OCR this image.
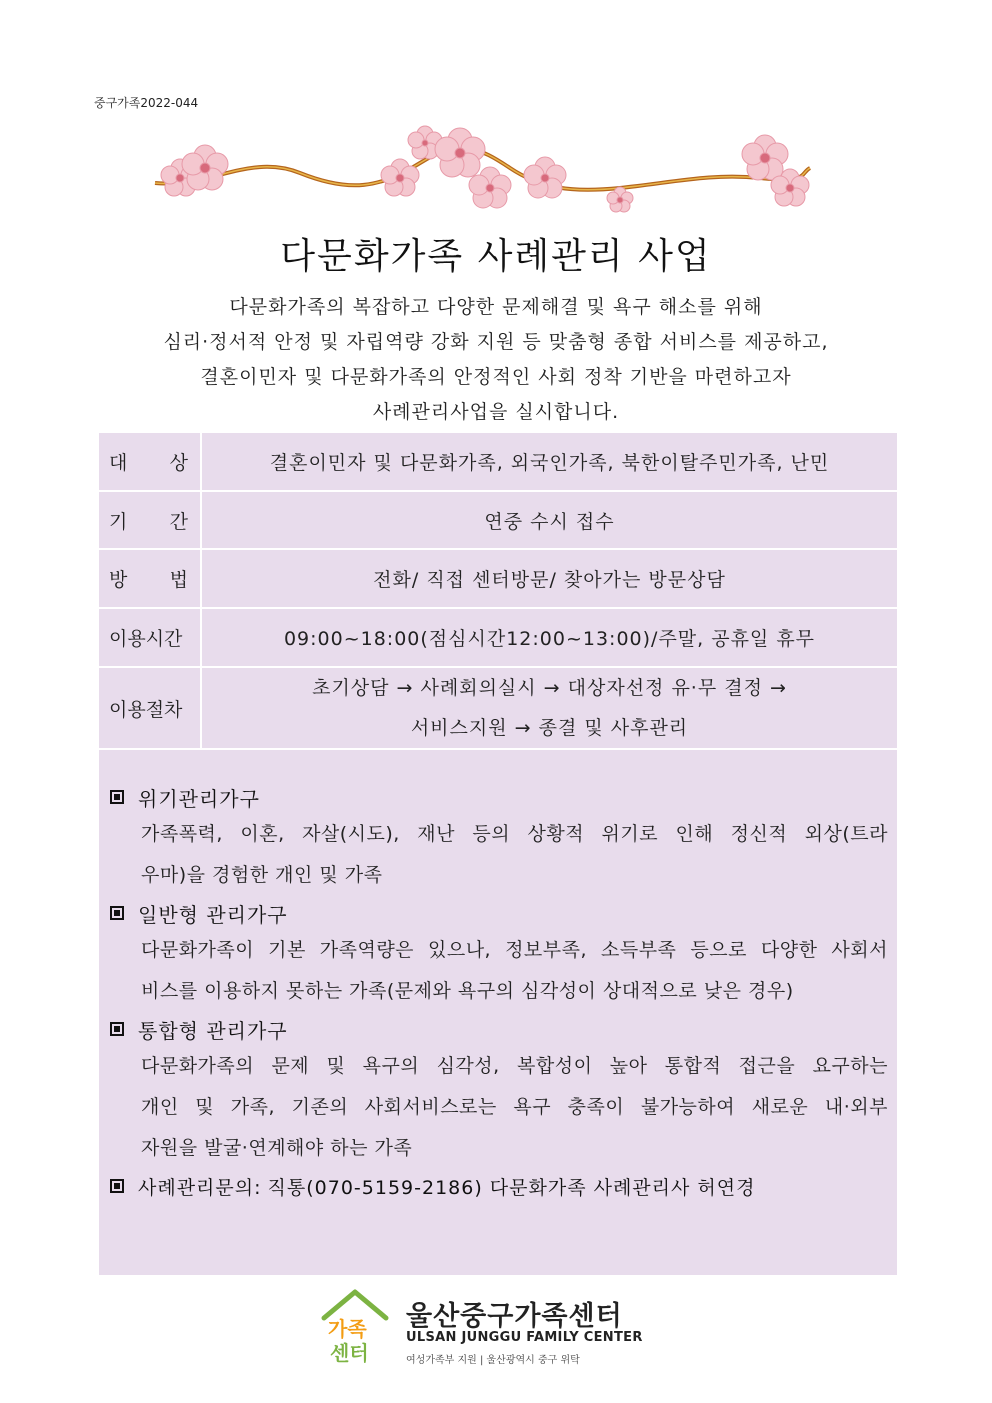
중구가족2022-044
다문화가족 사례관리 사업
다문화가족의 복잡하고 다양한 문제해결 및 욕구 해소를 위해
심리·정서적 안정 및 자립역량 강화 지원 등 맞춤형 종합 서비스를 제공하고,
결혼이민자 및 다문화가족의 안정적인 사회 정착 기반을 마련하고자
사례관리사업을 실시합니다.
대 상	결혼이민자 및 다문화가족, 외국인가족, 북한이탈주민가족, 난민
기 간	연중 수시 접수
방 법	전화/ 직접 센터방문/ 찾아가는 방문상담
이용시간	09:00~18:00(점심시간12:00~13:00)/주말, 공휴일 휴무
이용절차	초기상담 → 사례회의실시 → 대상자선정 유·무 결정 →
서비스지원 → 종결 및 사후관리
위기관리가구
가족폭력, 이혼, 자살(시도), 재난 등의 상황적 위기로 인해 정신적 외상(트라
우마)을 경험한 개인 및 가족
일반형 관리가구
다문화가족이 기본 가족역량은 있으나, 정보부족, 소득부족 등으로 다양한 사회서
비스를 이용하지 못하는 가족(문제와 욕구의 심각성이 상대적으로 낮은 경우)
통합형 관리가구
다문화가족의 문제 및 욕구의 심각성, 복합성이 높아 통합적 접근을 요구하는
개인 및 가족, 기존의 사회서비스로는 욕구 충족이 불가능하여 새로운 내·외부
자원을 발굴·연계해야 하는 가족
사례관리문의: 직통(070-5159-2186) 다문화가족 사례관리사 허연경
가족
센터
울산중구가족센터
ULSAN JUNGGU FAMILY CENTER
여성가족부 지원 | 울산광역시 중구 위탁
